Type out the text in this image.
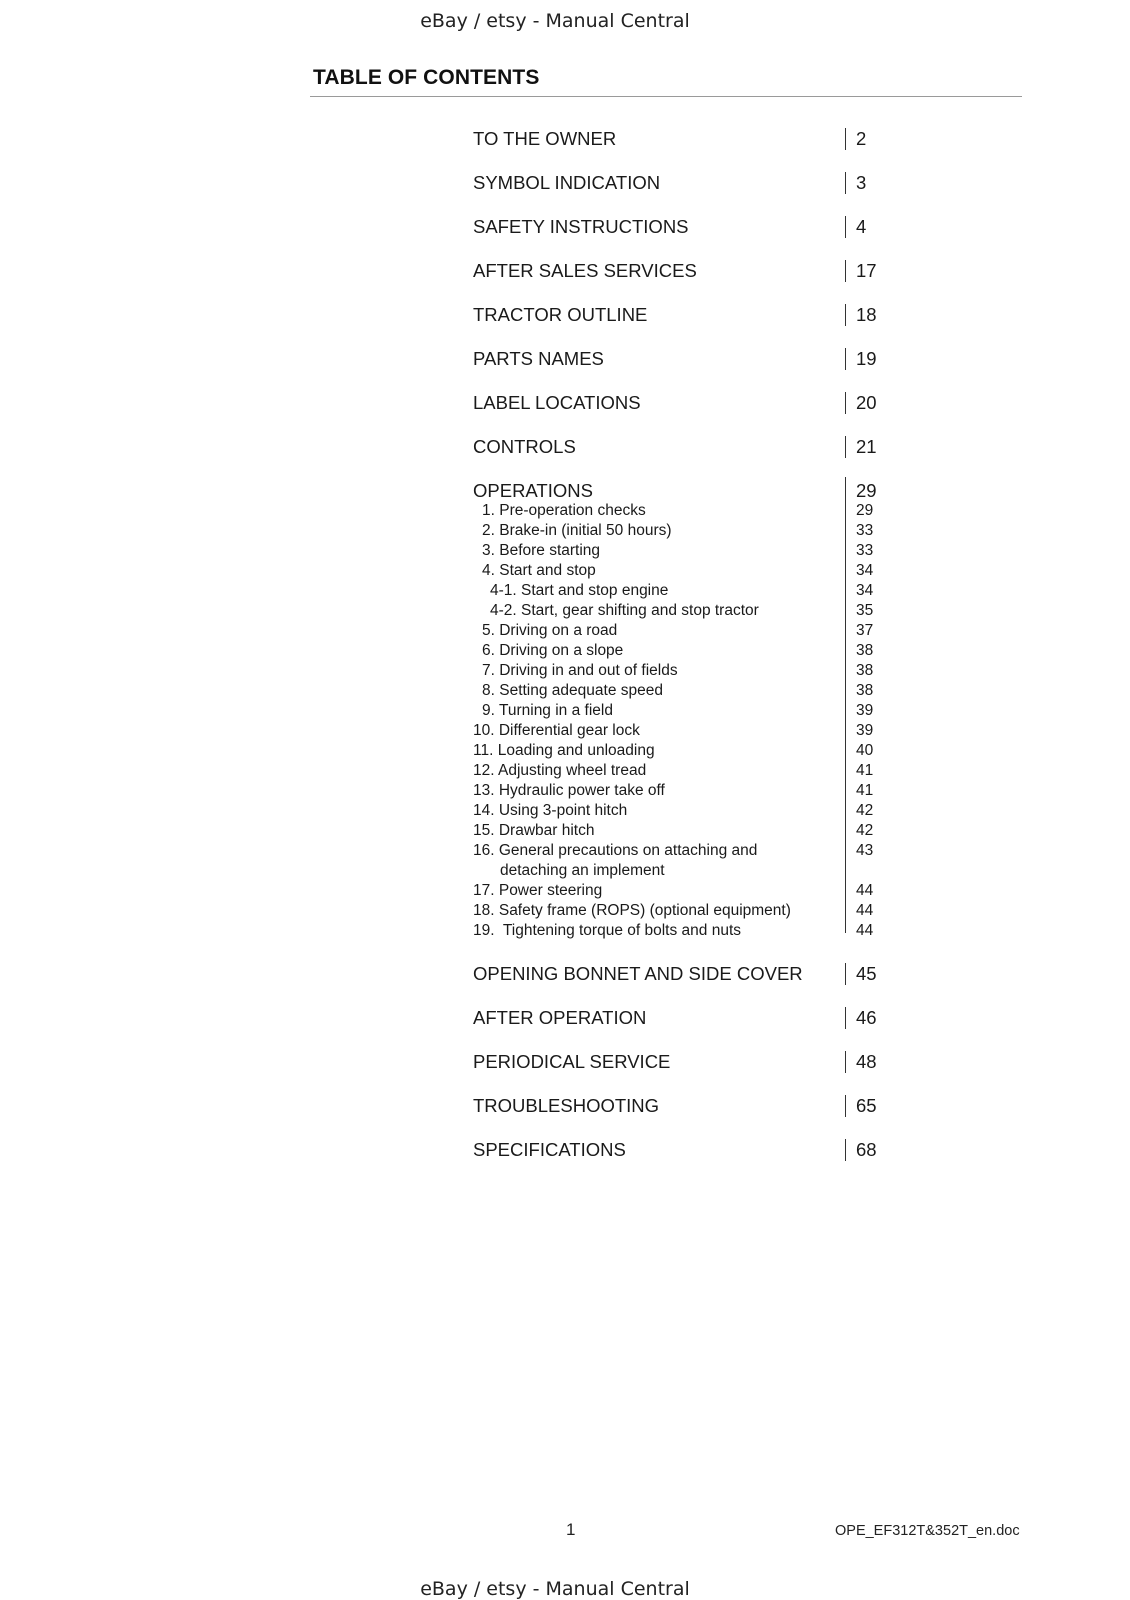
eBay / etsy - Manual Central
TABLE OF CONTENTS
TO THE OWNER	2
SYMBOL INDICATION	3
SAFETY INSTRUCTIONS	4
AFTER SALES SERVICES	17
TRACTOR OUTLINE	18
PARTS NAMES	19
LABEL LOCATIONS	20
CONTROLS	21
OPERATIONS	29
1. Pre-operation checks	29
2. Brake-in (initial 50 hours)	33
3. Before starting	33
4. Start and stop	34
4-1. Start and stop engine	34
4-2. Start, gear shifting and stop tractor	35
5. Driving on a road	37
6. Driving on a slope	38
7. Driving in and out of fields	38
8. Setting adequate speed	38
9. Turning in a field	39
10. Differential gear lock	39
11. Loading and unloading	40
12. Adjusting wheel tread	41
13. Hydraulic power take off	41
14. Using 3-point hitch	42
15. Drawbar hitch	42
16. General precautions on attaching and	43
detaching an implement
17. Power steering	44
18. Safety frame (ROPS) (optional equipment)	44
19.  Tightening torque of bolts and nuts	44
OPENING BONNET AND SIDE COVER	45
AFTER OPERATION	46
PERIODICAL SERVICE	48
TROUBLESHOOTING	65
SPECIFICATIONS	68
1	OPE_EF312T&352T_en.doc
eBay / etsy - Manual Central
